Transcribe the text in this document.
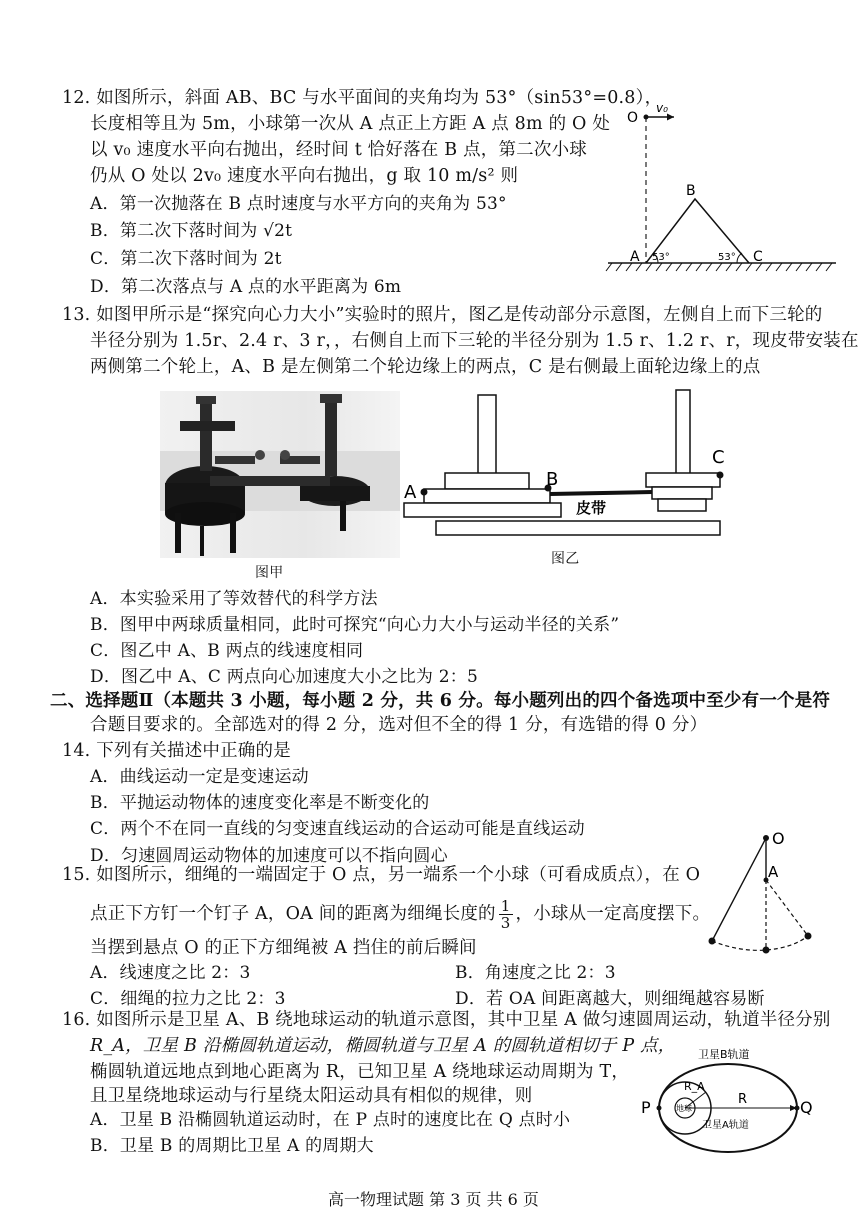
12. 如图所示，斜面 AB、BC 与水平面间的夹角均为 53°（sin53°=0.8），
长度相等且为 5m，小球第一次从 A 点正上方距 A 点 8m 的 O 处
以 v₀ 速度水平向右抛出，经时间 t 恰好落在 B 点，第二次小球
仍从 O 处以 2v₀ 速度水平向右抛出，g 取 10 m/s² 则
A．第一次抛落在 B 点时速度与水平方向的夹角为 53°
B．第二次下落时间为 √2t
C．第二次下落时间为 2t
D．第二次落点与 A 点的水平距离为 6m
O
v₀
B
A	C
53°	53°
13. 如图甲所示是“探究向心力大小”实验时的照片，图乙是传动部分示意图，左侧自上而下三轮的
半径分别为 1.5r、2.4 r、3 r，，右侧自上而下三轮的半径分别为 1.5 r、1.2 r、r，现皮带安装在
两侧第二个轮上，A、B 是左侧第二个轮边缘上的两点，C 是右侧最上面轮边缘上的点
图甲
A
B
C
皮带
图乙
A．本实验采用了等效替代的科学方法
B．图甲中两球质量相同，此时可探究“向心力大小与运动半径的关系”
C．图乙中 A、B 两点的线速度相同
D．图乙中 A、C 两点向心加速度大小之比为 2：5
二、选择题Ⅱ（本题共 3 小题，每小题 2 分，共 6 分。每小题列出的四个备选项中至少有一个是符
合题目要求的。全部选对的得 2 分，选对但不全的得 1 分，有选错的得 0 分）
14. 下列有关描述中正确的是
A．曲线运动一定是变速运动
B．平抛运动物体的速度变化率是不断变化的
C．两个不在同一直线的匀变速直线运动的合运动可能是直线运动
D．匀速圆周运动物体的加速度可以不指向圆心
15. 如图所示，细绳的一端固定于 O 点，另一端系一个小球（可看成质点），在 O
点正下方钉一个钉子 A，OA 间的距离为细绳长度的 $\frac{1}{3}$ ，小球从一定高度摆下。
当摆到悬点 O 的正下方细绳被 A 挡住的前后瞬间
A．线速度之比 2：3	B．角速度之比 2：3
C．细绳的拉力之比 2：3	D．若 OA 间距离越大，则细绳越容易断
O
A
16. 如图所示是卫星 A、B 绕地球运动的轨道示意图，其中卫星 A 做匀速圆周运动，轨道半径分别
R_A，卫星 B 沿椭圆轨道运动，椭圆轨道与卫星 A 的圆轨道相切于 P 点，
椭圆轨道远地点到地心距离为 R，已知卫星 A 绕地球运动周期为 T，
且卫星绕地球运动与行星绕太阳运动具有相似的规律，则
A．卫星 B 沿椭圆轨道运动时，在 P 点时的速度比在 Q 点时小
B．卫星 B 的周期比卫星 A 的周期大
卫星B轨道
卫星A轨道
地球
P	Q
R
R_A
高一物理试题 第 3 页 共 6 页
